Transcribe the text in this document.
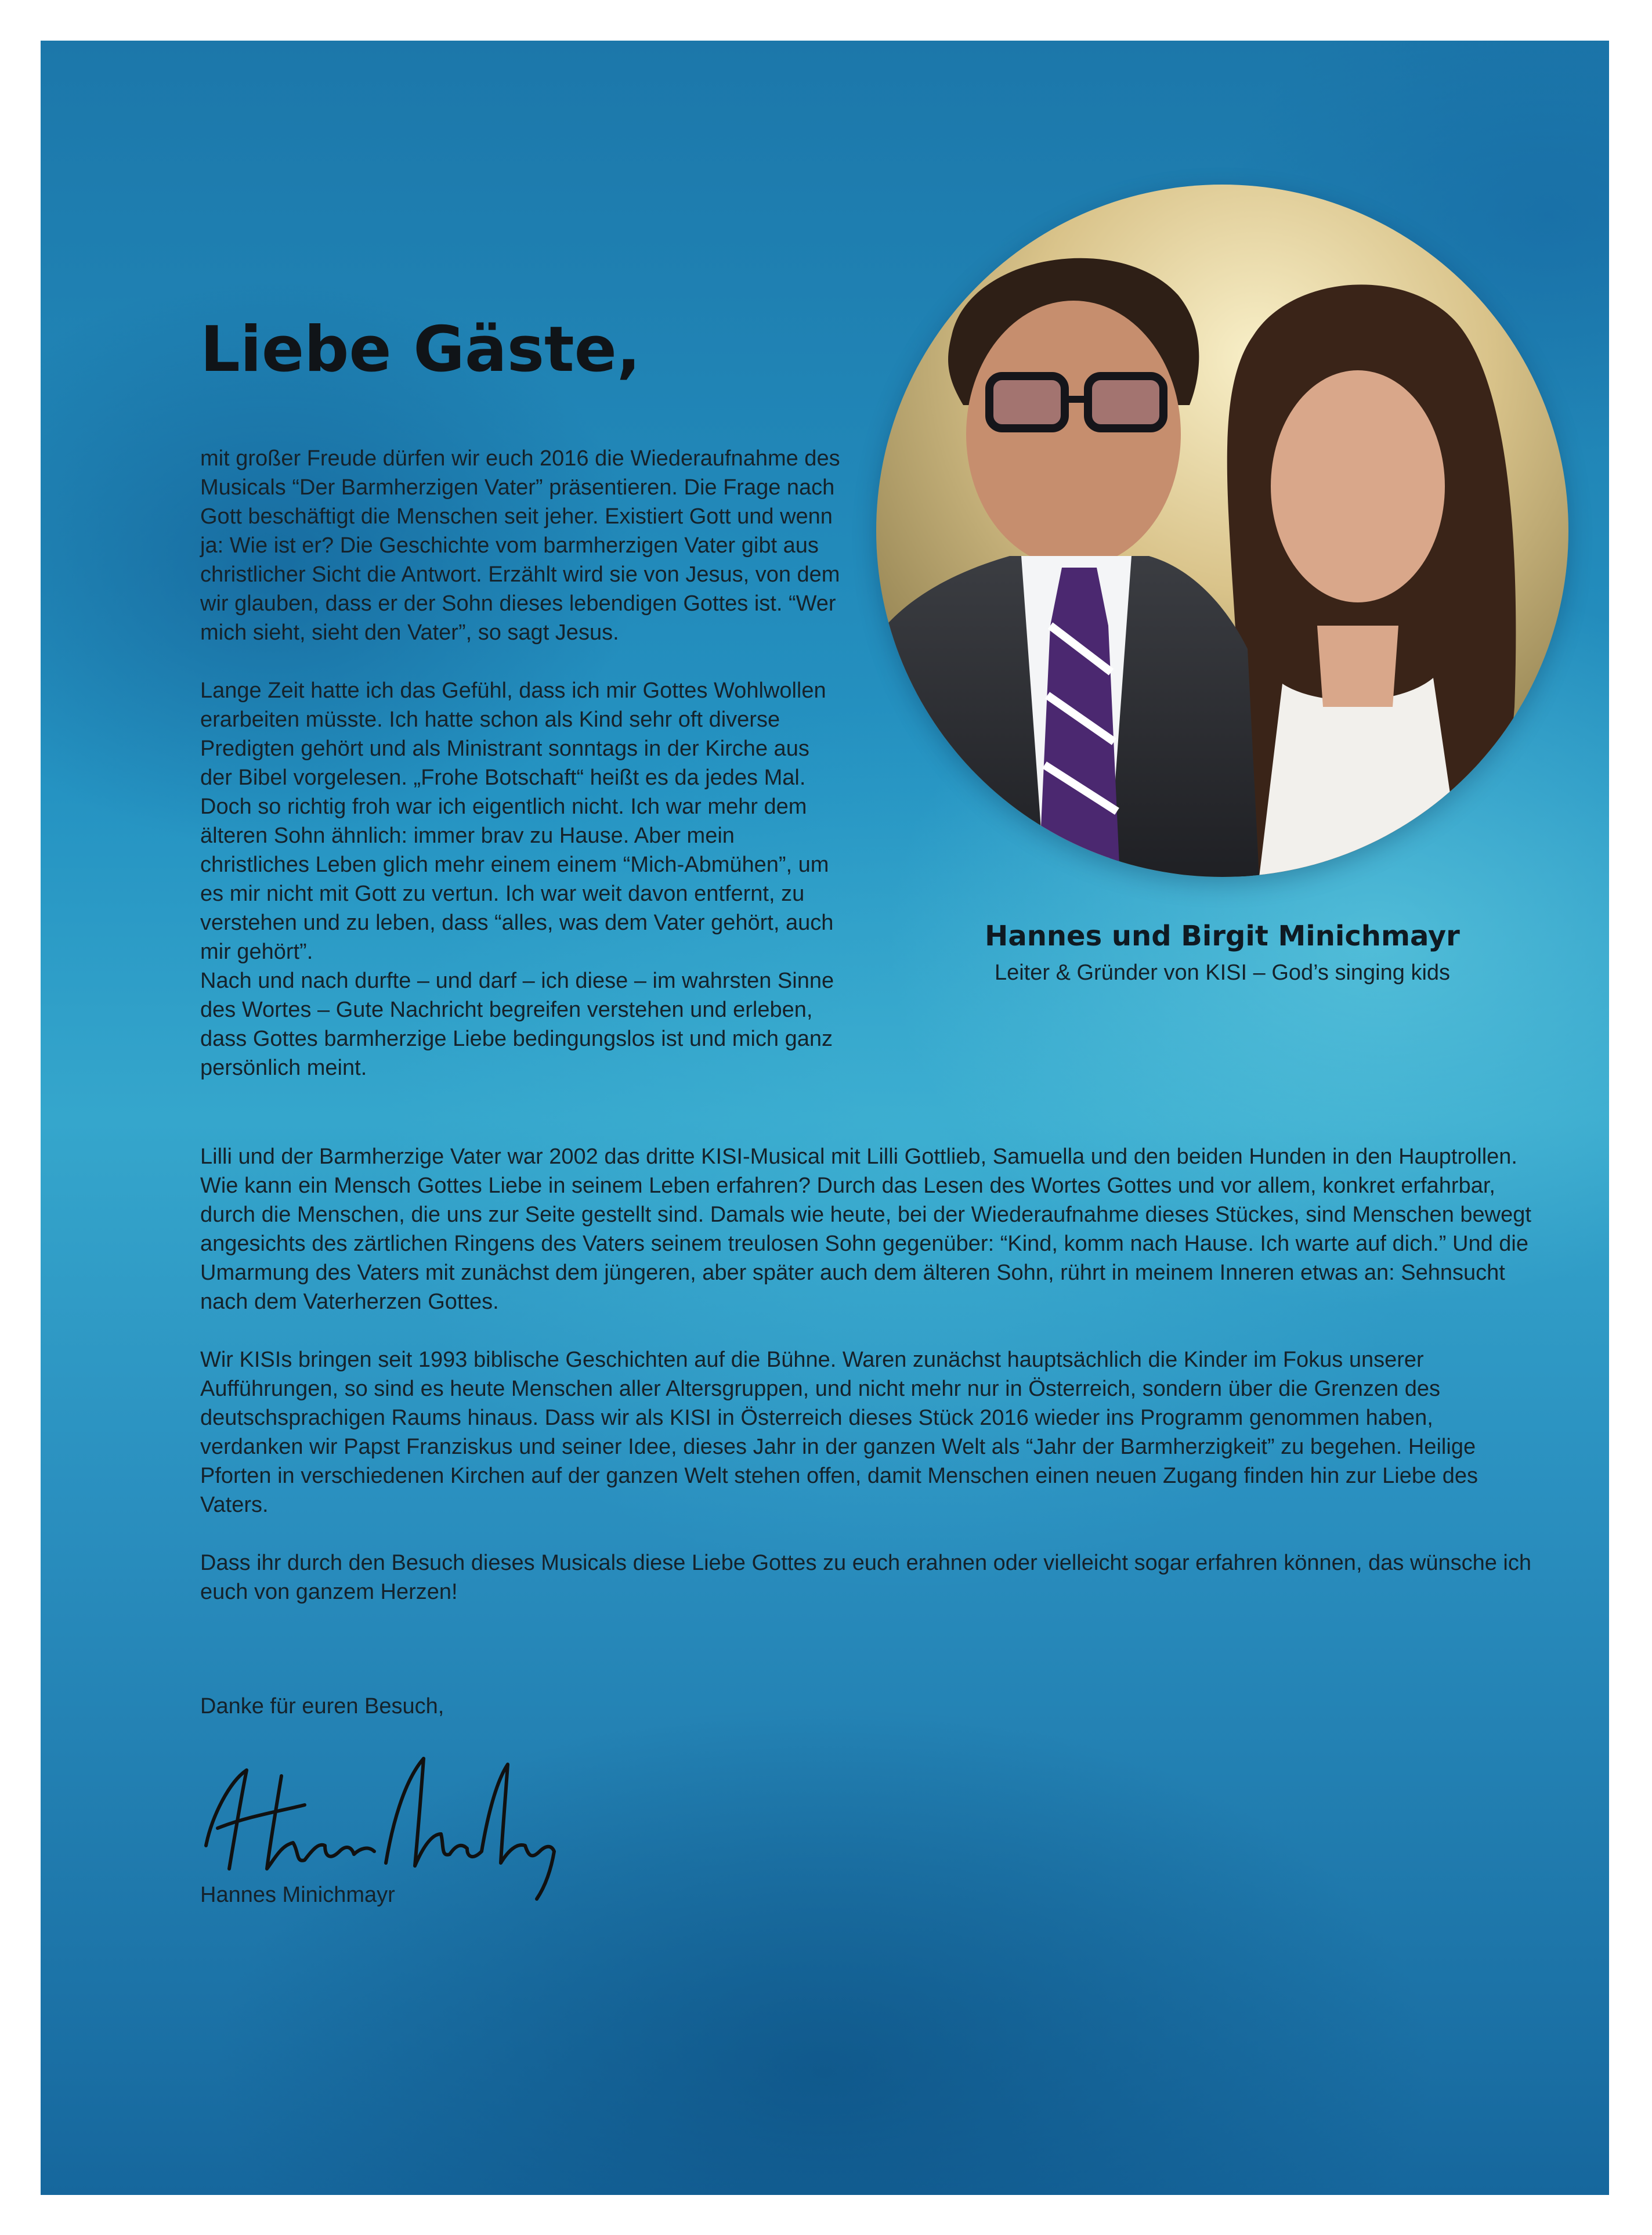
Liebe Gäste,

mit großer Freude dürfen wir euch 2016 die Wiederaufnahme des Musicals “Der Barmherzigen Vater” präsentieren. Die Frage nach Gott beschäftigt die Menschen seit jeher. Existiert Gott und wenn ja: Wie ist er? Die Geschichte vom barmherzigen Vater gibt aus christlicher Sicht die Antwort. Erzählt wird sie von Jesus, von dem wir glauben, dass er der Sohn dieses lebendigen Gottes ist. “Wer mich sieht, sieht den Vater”, so sagt Jesus.

Lange Zeit hatte ich das Gefühl, dass ich mir Gottes Wohlwollen erarbeiten müsste. Ich hatte schon als Kind sehr oft diverse Predigten gehört und als Ministrant sonntags in der Kirche aus der Bibel vorgelesen. „Frohe Botschaft“ heißt es da jedes Mal. Doch so richtig froh war ich eigentlich nicht. Ich war mehr dem älteren Sohn ähnlich: immer brav zu Hause. Aber mein christliches Leben glich mehr einem einem “Mich-Abmühen”, um es mir nicht mit Gott zu vertun. Ich war weit davon entfernt, zu verstehen und zu leben, dass “alles, was dem Vater gehört, auch mir gehört”.

Nach und nach durfte – und darf – ich diese – im wahrsten Sinne des Wortes – Gute Nachricht begreifen verstehen und erleben, dass Gottes barmherzige Liebe bedingungslos ist und mich ganz persönlich meint.

Hannes und Birgit Minichmayr

Leiter & Gründer von KISI – God’s singing kids

Lilli und der Barmherzige Vater war 2002 das dritte KISI-Musical mit Lilli Gottlieb, Samuella und den beiden Hunden in den Hauptrollen. Wie kann ein Mensch Gottes Liebe in seinem Leben erfahren? Durch das Lesen des Wortes Gottes und vor allem, konkret erfahrbar, durch die Menschen, die uns zur Seite gestellt sind. Damals wie heute, bei der Wiederaufnahme dieses Stückes, sind Menschen bewegt angesichts des zärtlichen Ringens des Vaters seinem treulosen Sohn gegenüber: “Kind, komm nach Hause. Ich warte auf dich.” Und die Umarmung des Vaters mit zunächst dem jüngeren, aber später auch dem älteren Sohn, rührt in meinem Inneren etwas an: Sehnsucht nach dem Vaterherzen Gottes.

Wir KISIs bringen seit 1993 biblische Geschichten auf die Bühne. Waren zunächst hauptsächlich die Kinder im Fokus unserer Aufführungen, so sind es heute Menschen aller Altersgruppen, und nicht mehr nur in Österreich, sondern über die Grenzen des deutschsprachigen Raums hinaus. Dass wir als KISI in Österreich dieses Stück 2016 wieder ins Programm genommen haben, verdanken wir Papst Franziskus und seiner Idee, dieses Jahr in der ganzen Welt als “Jahr der Barmherzigkeit” zu begehen. Heilige Pforten in verschiedenen Kirchen auf der ganzen Welt stehen offen, damit Menschen einen neuen Zugang finden hin zur Liebe des Vaters.

Dass ihr durch den Besuch dieses Musicals diese Liebe Gottes zu euch erahnen oder vielleicht sogar erfahren können, das wünsche ich euch von ganzem Herzen!

Danke für euren Besuch,

Hannes Minichmayr
